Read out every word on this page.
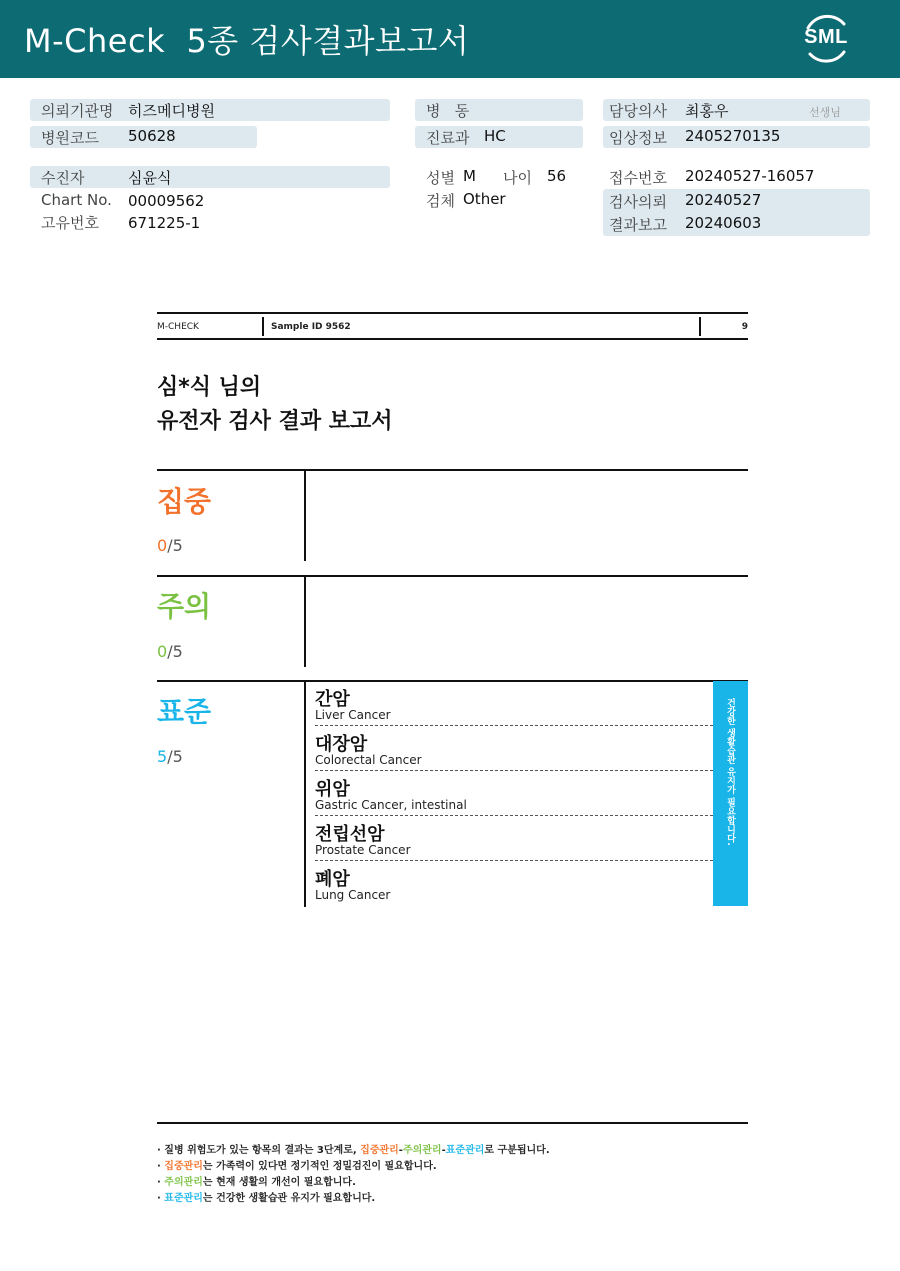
M-Check  5종 검사결과보고서	SML
의뢰기관명 히즈메디병원
병원코드 50628
수진자	심윤식
Chart No. 00009562
고유번호 671225-1
병   동
진료과 HC
성별 M 나이 56
검체 Other
담당의사 최홍우	선생님
임상정보 2405270135
접수번호 20240527-16057
검사의뢰 20240527
결과보고 20240603
M-CHECK	Sample ID 9562	9
심*식 님의
유전자 검사 결과 보고서
집중
0/5
주의
0/5
표준
5/5
간암
Liver Cancer
대장암
Colorectal Cancer
위암
Gastric Cancer, intestinal
전립선암
Prostate Cancer
폐암
Lung Cancer
건강한 생활습관 유지가 필요합니다.
· 질병 위험도가 있는 항목의 결과는 3단계로, 집중관리-주의관리-표준관리로 구분됩니다.
· 집중관리는 가족력이 있다면 정기적인 정밀검진이 필요합니다.
· 주의관리는 현재 생활의 개선이 필요합니다.
· 표준관리는 건강한 생활습관 유지가 필요합니다.
